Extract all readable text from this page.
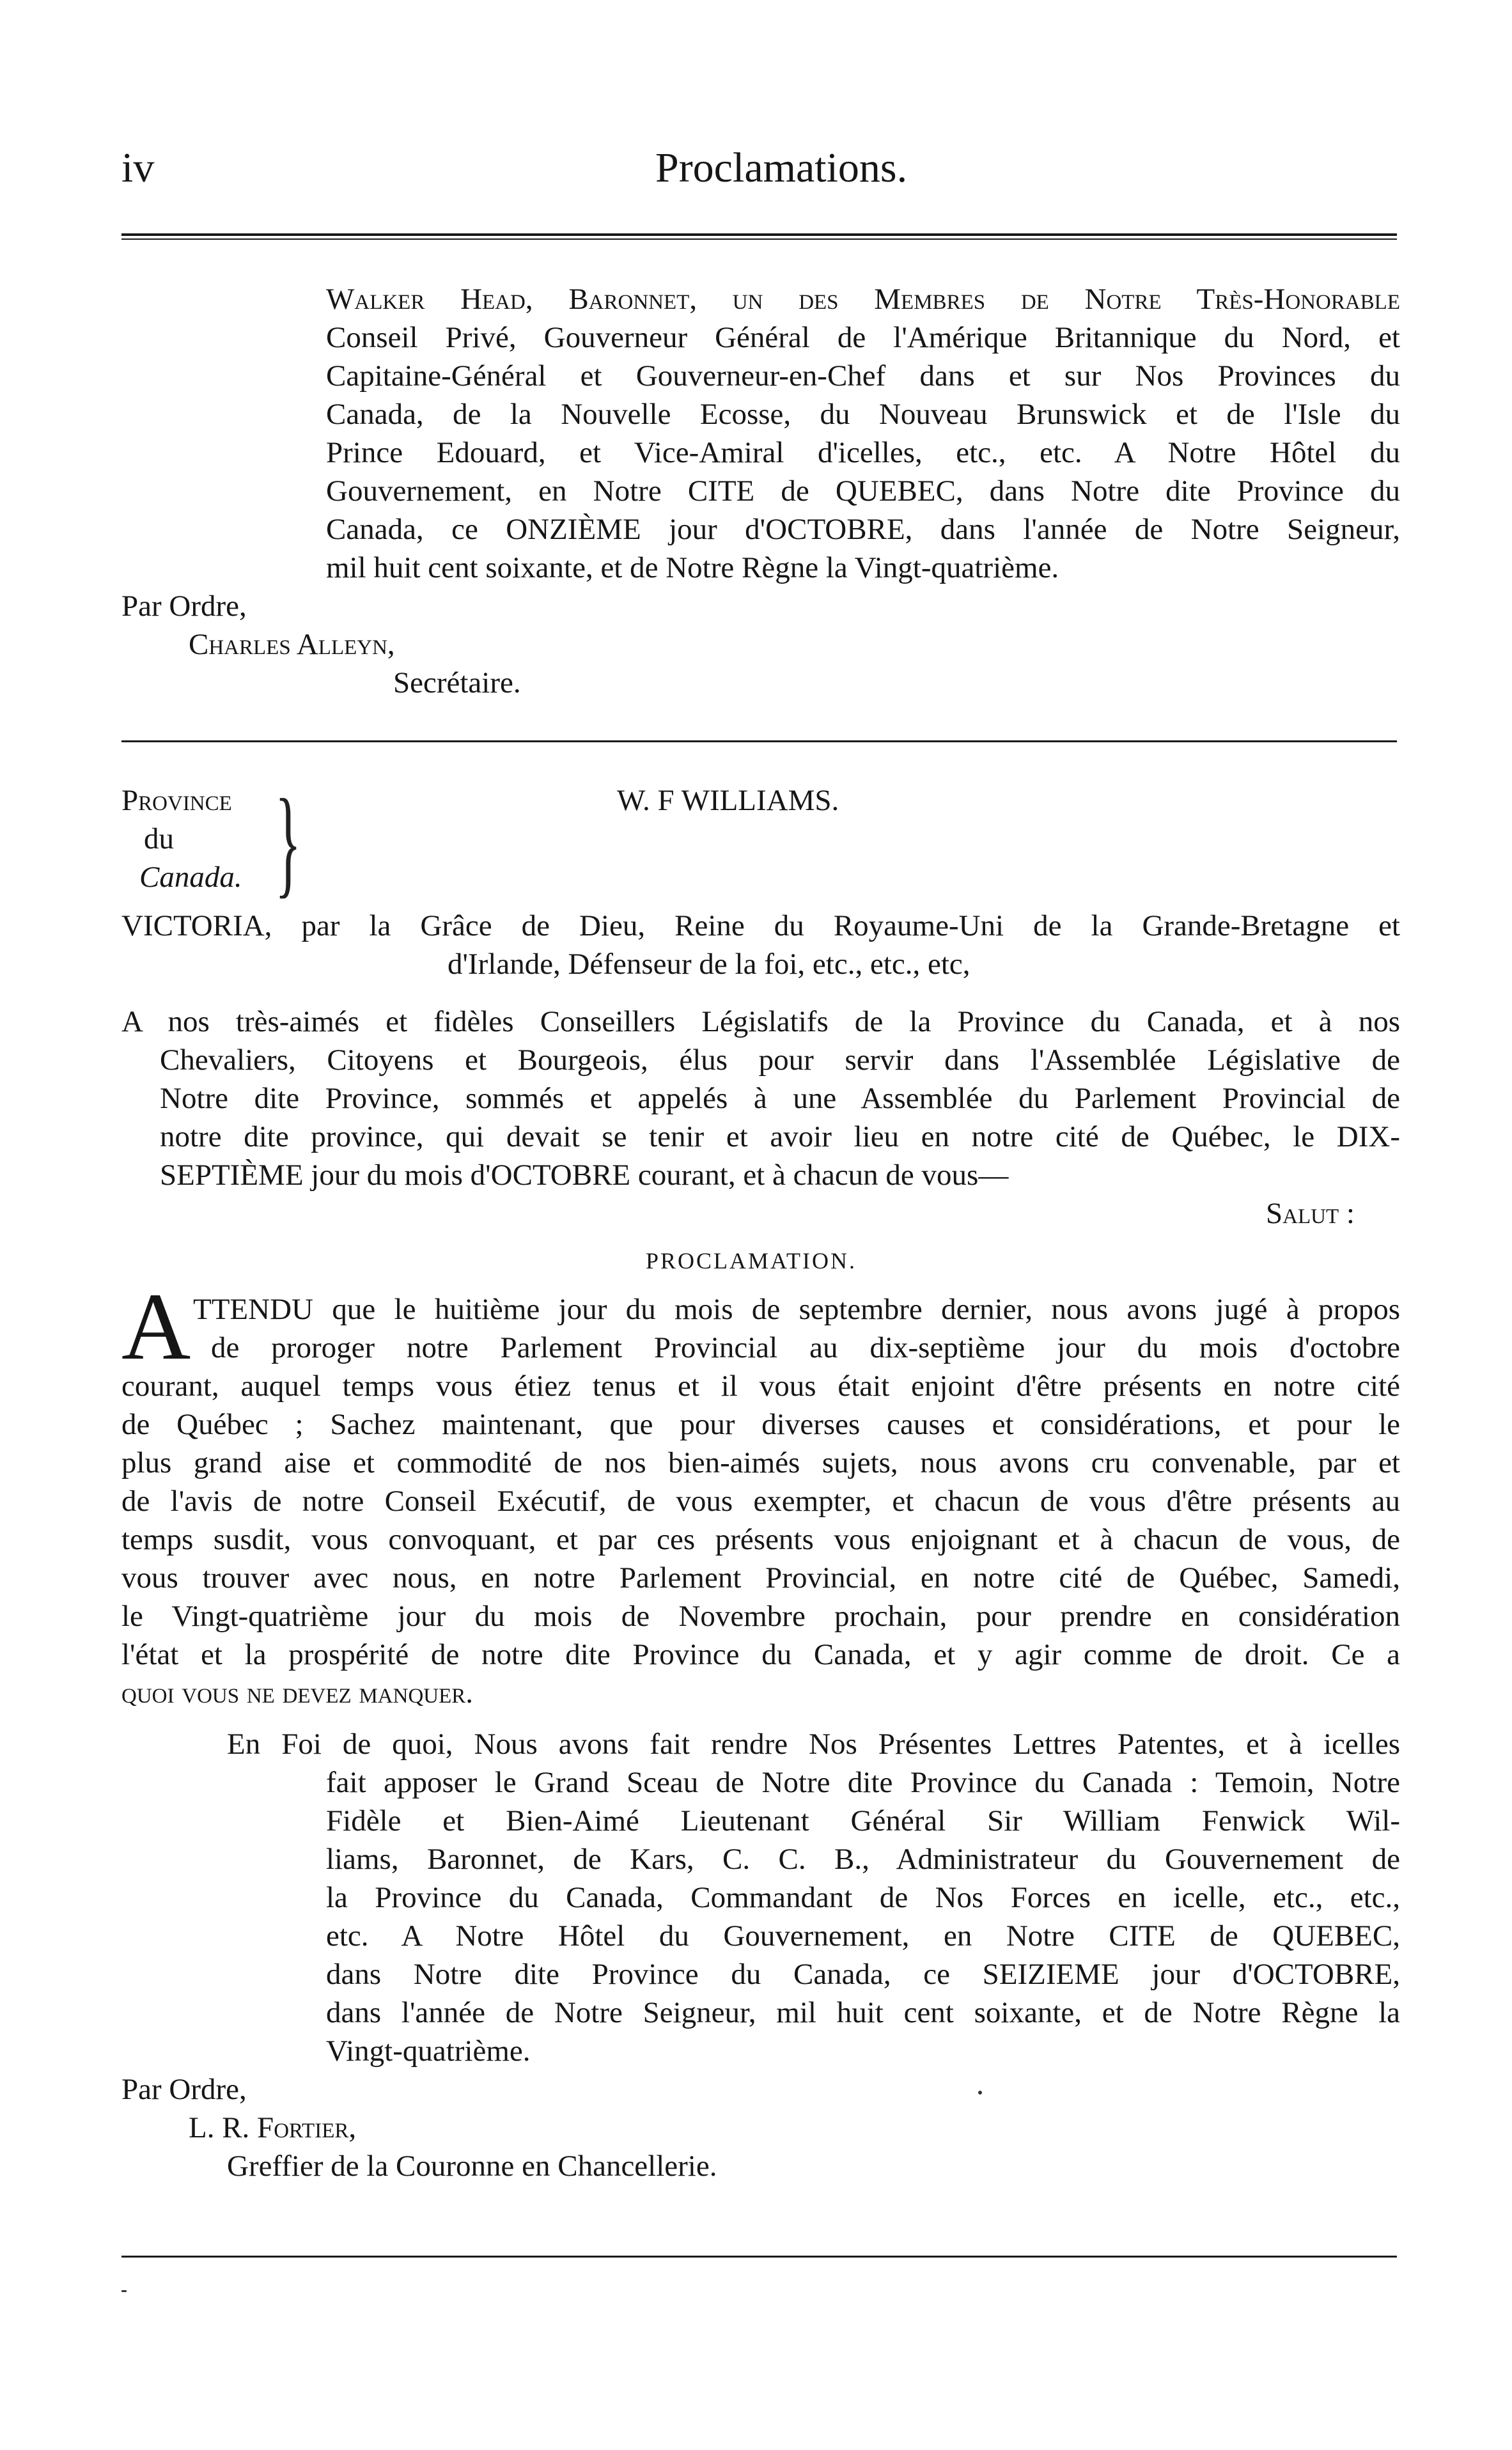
iv	Proclamations.
Walker Head, Baronnet, un des Membres de Notre Très-Honorable
Conseil Privé, Gouverneur Général de l'Amérique Britannique du Nord, et
Capitaine-Général et Gouverneur-en-Chef dans et sur Nos Provinces du
Canada, de la Nouvelle Ecosse, du Nouveau Brunswick et de l'Isle du
Prince Edouard, et Vice-Amiral d'icelles, etc., etc. A Notre Hôtel du
Gouvernement, en Notre CITE de QUEBEC, dans Notre dite Province du
Canada, ce ONZIÈME jour d'OCTOBRE, dans l'année de Notre Seigneur,
mil huit cent soixante, et de Notre Règne la Vingt-quatrième.
Par Ordre,
Charles Alleyn,
Secrétaire.
Province
du
Canada. }	W. F WILLIAMS.
VICTORIA, par la Grâce de Dieu, Reine du Royaume-Uni de la Grande-Bretagne et
d'Irlande, Défenseur de la foi, etc., etc., etc,
A nos très-aimés et fidèles Conseillers Législatifs de la Province du Canada, et à nos
Chevaliers, Citoyens et Bourgeois, élus pour servir dans l'Assemblée Législative de
Notre dite Province, sommés et appelés à une Assemblée du Parlement Provincial de
notre dite province, qui devait se tenir et avoir lieu en notre cité de Québec, le DIX-
SEPTIÈME jour du mois d'OCTOBRE courant, et à chacun de vous—
Salut :
PROCLAMATION.
A TTENDU que le huitième jour du mois de septembre dernier, nous avons jugé à propos
de proroger notre Parlement Provincial au dix-septième jour du mois d'octobre
courant, auquel temps vous étiez tenus et il vous était enjoint d'être présents en notre cité
de Québec ; Sachez maintenant, que pour diverses causes et considérations, et pour le
plus grand aise et commodité de nos bien-aimés sujets, nous avons cru convenable, par et
de l'avis de notre Conseil Exécutif, de vous exempter, et chacun de vous d'être présents au
temps susdit, vous convoquant, et par ces présents vous enjoignant et à chacun de vous, de
vous trouver avec nous, en notre Parlement Provincial, en notre cité de Québec, Samedi,
le Vingt-quatrième jour du mois de Novembre prochain, pour prendre en considération
l'état et la prospérité de notre dite Province du Canada, et y agir comme de droit. Ce a
quoi vous ne devez manquer.
En Foi de quoi, Nous avons fait rendre Nos Présentes Lettres Patentes, et à icelles
fait apposer le Grand Sceau de Notre dite Province du Canada : Temoin, Notre
Fidèle et Bien-Aimé Lieutenant Général Sir William Fenwick Wil-
liams, Baronnet, de Kars, C. C. B., Administrateur du Gouvernement de
la Province du Canada, Commandant de Nos Forces en icelle, etc., etc.,
etc. A Notre Hôtel du Gouvernement, en Notre CITE de QUEBEC,
dans Notre dite Province du Canada, ce SEIZIEME jour d'OCTOBRE,
dans l'année de Notre Seigneur, mil huit cent soixante, et de Notre Règne la
Vingt-quatrième.
Par Ordre,
L. R. Fortier,
Greffier de la Couronne en Chancellerie.
